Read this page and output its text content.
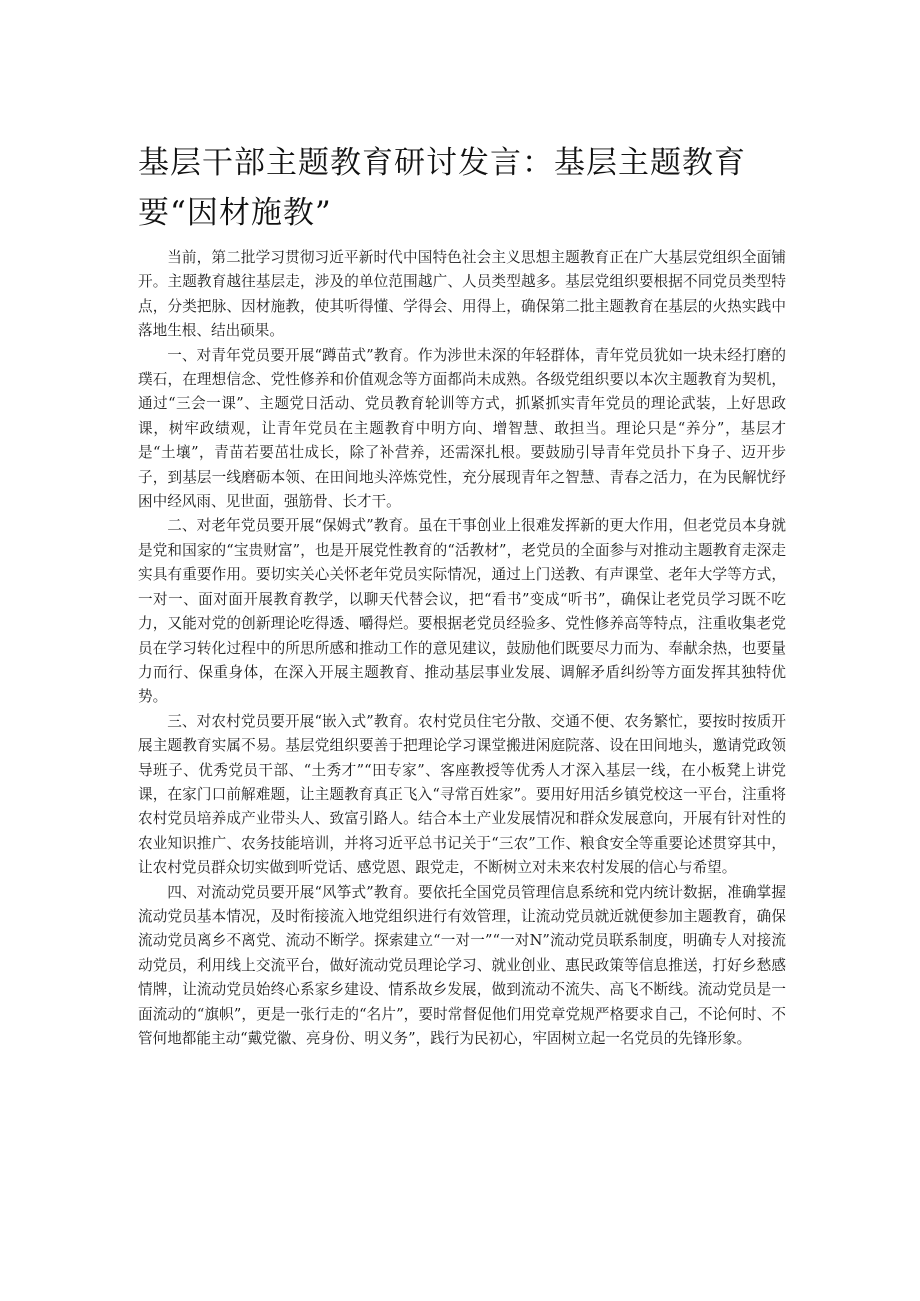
基层干部主题教育研讨发言：基层主题教育要“因材施教”

当前，第二批学习贯彻习近平新时代中国特色社会主义思想主题教育正在广大基层党组织全面铺开。主题教育越往基层走，涉及的单位范围越广、人员类型越多。基层党组织要根据不同党员类型特点，分类把脉、因材施教，使其听得懂、学得会、用得上，确保第二批主题教育在基层的火热实践中落地生根、结出硕果。

一、对青年党员要开展“蹲苗式”教育。作为涉世未深的年轻群体，青年党员犹如一块未经打磨的璞石，在理想信念、党性修养和价值观念等方面都尚未成熟。各级党组织要以本次主题教育为契机，通过“三会一课”、主题党日活动、党员教育轮训等方式，抓紧抓实青年党员的理论武装，上好思政课，树牢政绩观，让青年党员在主题教育中明方向、增智慧、敢担当。理论只是“养分”，基层才是“土壤”，青苗若要茁壮成长，除了补营养，还需深扎根。要鼓励引导青年党员扑下身子、迈开步子，到基层一线磨砺本领、在田间地头淬炼党性，充分展现青年之智慧、青春之活力，在为民解忧纾困中经风雨、见世面，强筋骨、长才干。

二、对老年党员要开展“保姆式”教育。虽在干事创业上很难发挥新的更大作用，但老党员本身就是党和国家的“宝贵财富”，也是开展党性教育的“活教材”，老党员的全面参与对推动主题教育走深走实具有重要作用。要切实关心关怀老年党员实际情况，通过上门送教、有声课堂、老年大学等方式，一对一、面对面开展教育教学，以聊天代替会议，把“看书”变成“听书”，确保让老党员学习既不吃力，又能对党的创新理论吃得透、嚼得烂。要根据老党员经验多、党性修养高等特点，注重收集老党员在学习转化过程中的所思所感和推动工作的意见建议，鼓励他们既要尽力而为、奉献余热，也要量力而行、保重身体，在深入开展主题教育、推动基层事业发展、调解矛盾纠纷等方面发挥其独特优势。

三、对农村党员要开展“嵌入式”教育。农村党员住宅分散、交通不便、农务繁忙，要按时按质开展主题教育实属不易。基层党组织要善于把理论学习课堂搬进闲庭院落、设在田间地头，邀请党政领导班子、优秀党员干部、“土秀才”“田专家”、客座教授等优秀人才深入基层一线，在小板凳上讲党课，在家门口前解难题，让主题教育真正飞入“寻常百姓家”。要用好用活乡镇党校这一平台，注重将农村党员培养成产业带头人、致富引路人。结合本土产业发展情况和群众发展意向，开展有针对性的农业知识推广、农务技能培训，并将习近平总书记关于“三农”工作、粮食安全等重要论述贯穿其中，让农村党员群众切实做到听党话、感党恩、跟党走，不断树立对未来农村发展的信心与希望。

四、对流动党员要开展“风筝式”教育。要依托全国党员管理信息系统和党内统计数据，准确掌握流动党员基本情况，及时衔接流入地党组织进行有效管理，让流动党员就近就便参加主题教育，确保流动党员离乡不离党、流动不断学。探索建立“一对一”“一对N”流动党员联系制度，明确专人对接流动党员，利用线上交流平台，做好流动党员理论学习、就业创业、惠民政策等信息推送，打好乡愁感情牌，让流动党员始终心系家乡建设、情系故乡发展，做到流动不流失、高飞不断线。流动党员是一面流动的“旗帜”，更是一张行走的“名片”，要时常督促他们用党章党规严格要求自己，不论何时、不管何地都能主动“戴党徽、亮身份、明义务”，践行为民初心，牢固树立起一名党员的先锋形象。
